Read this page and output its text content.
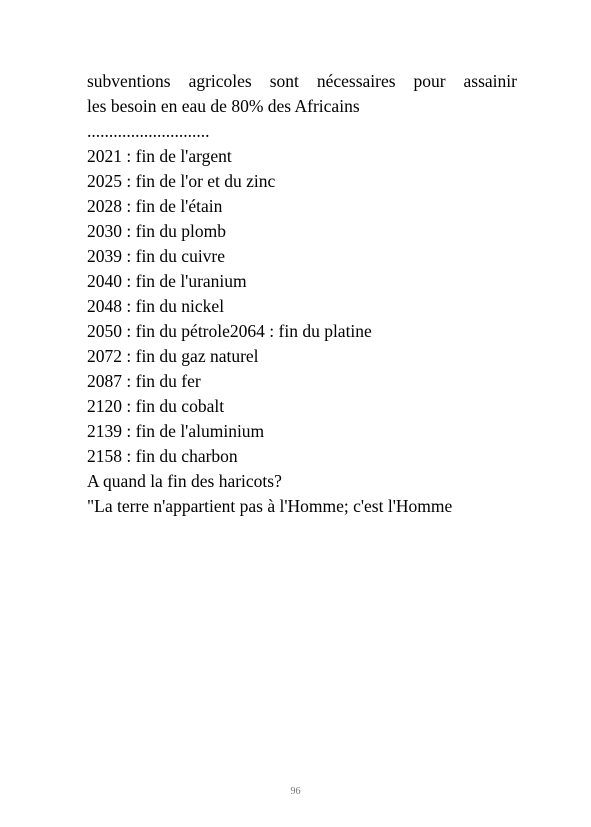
subventions agricoles sont nécessaires pour assainir
les besoin en eau de 80% des Africains
............................
2021 : fin de l'argent
2025 : fin de l'or et du zinc
2028 : fin de l'étain
2030 : fin du plomb
2039 : fin du cuivre
2040 : fin de l'uranium
2048 : fin du nickel
2050 : fin du pétrole2064 : fin du platine
2072 : fin du gaz naturel
2087 : fin du fer
2120 : fin du cobalt
2139 : fin de l'aluminium
2158 : fin du charbon
A quand la fin des haricots?
"La terre n'appartient pas à l'Homme; c'est l'Homme
96
